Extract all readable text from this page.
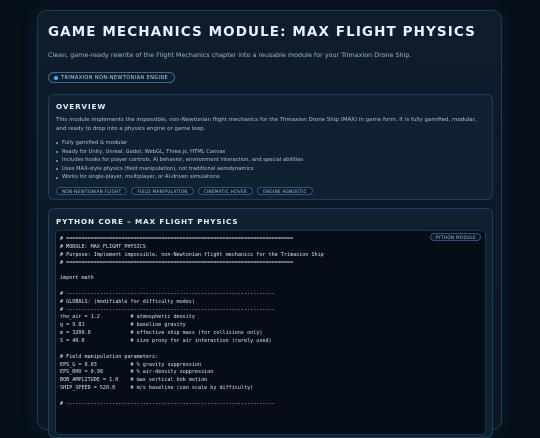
GAME MECHANICS MODULE: MAX FLIGHT PHYSICS

Clean, game-ready rewrite of the Flight Mechanics chapter into a reusable module for your Trimaxion Drone Ship.

TRIMAXION NON-NEWTONIAN ENGINE
OVERVIEW

This module implements the impossible, non-Newtonian flight mechanics for the Trimaxion Drone Ship (MAX) in game form. It is fully gamified, modular, and ready to drop into a physics engine or game loop.

Fully gamified & modular
Ready for Unity, Unreal, Godot, WebGL, Three.js, HTML Canvas
Includes hooks for player controls, AI behavior, environment interaction, and special abilities
Uses MAX-style physics (field manipulation), not traditional aerodynamics
Works for single-player, multiplayer, or AI-driven simulations
NON-NEWTONIAN FLIGHT	FIELD MANIPULATION	CINEMATIC HOVER	ENGINE AGNOSTIC
PYTHON CORE – MAX FLIGHT PHYSICS
PYTHON MODULE
# ==========================================================================
# MODULE: MAX_FLIGHT_PHYSICS
# Purpose: Implement impossible, non-Newtonian flight mechanics for the Trimaxion Ship
# ==========================================================================

import math

# --------------------------------------------------------------------
# GLOBALS: (modifiable for difficulty modes)
# --------------------------------------------------------------------
rho_air = 1.2          # atmospheric density
g = 9.81               # baseline gravity
m = 3200.0             # effective ship mass (for collisions only)
S = 40.0               # size proxy for air interaction (rarely used)

# Field manipulation parameters:
EPS_G = 0.03           # % gravity suppression
EPS_RHO = 0.98         # % air-density suppression
BOB_AMPLITUDE = 1.0    # max vertical bob motion
SHIP_SPEED = 520.0     # m/s baseline (can scale by difficulty)

# --------------------------------------------------------------------
